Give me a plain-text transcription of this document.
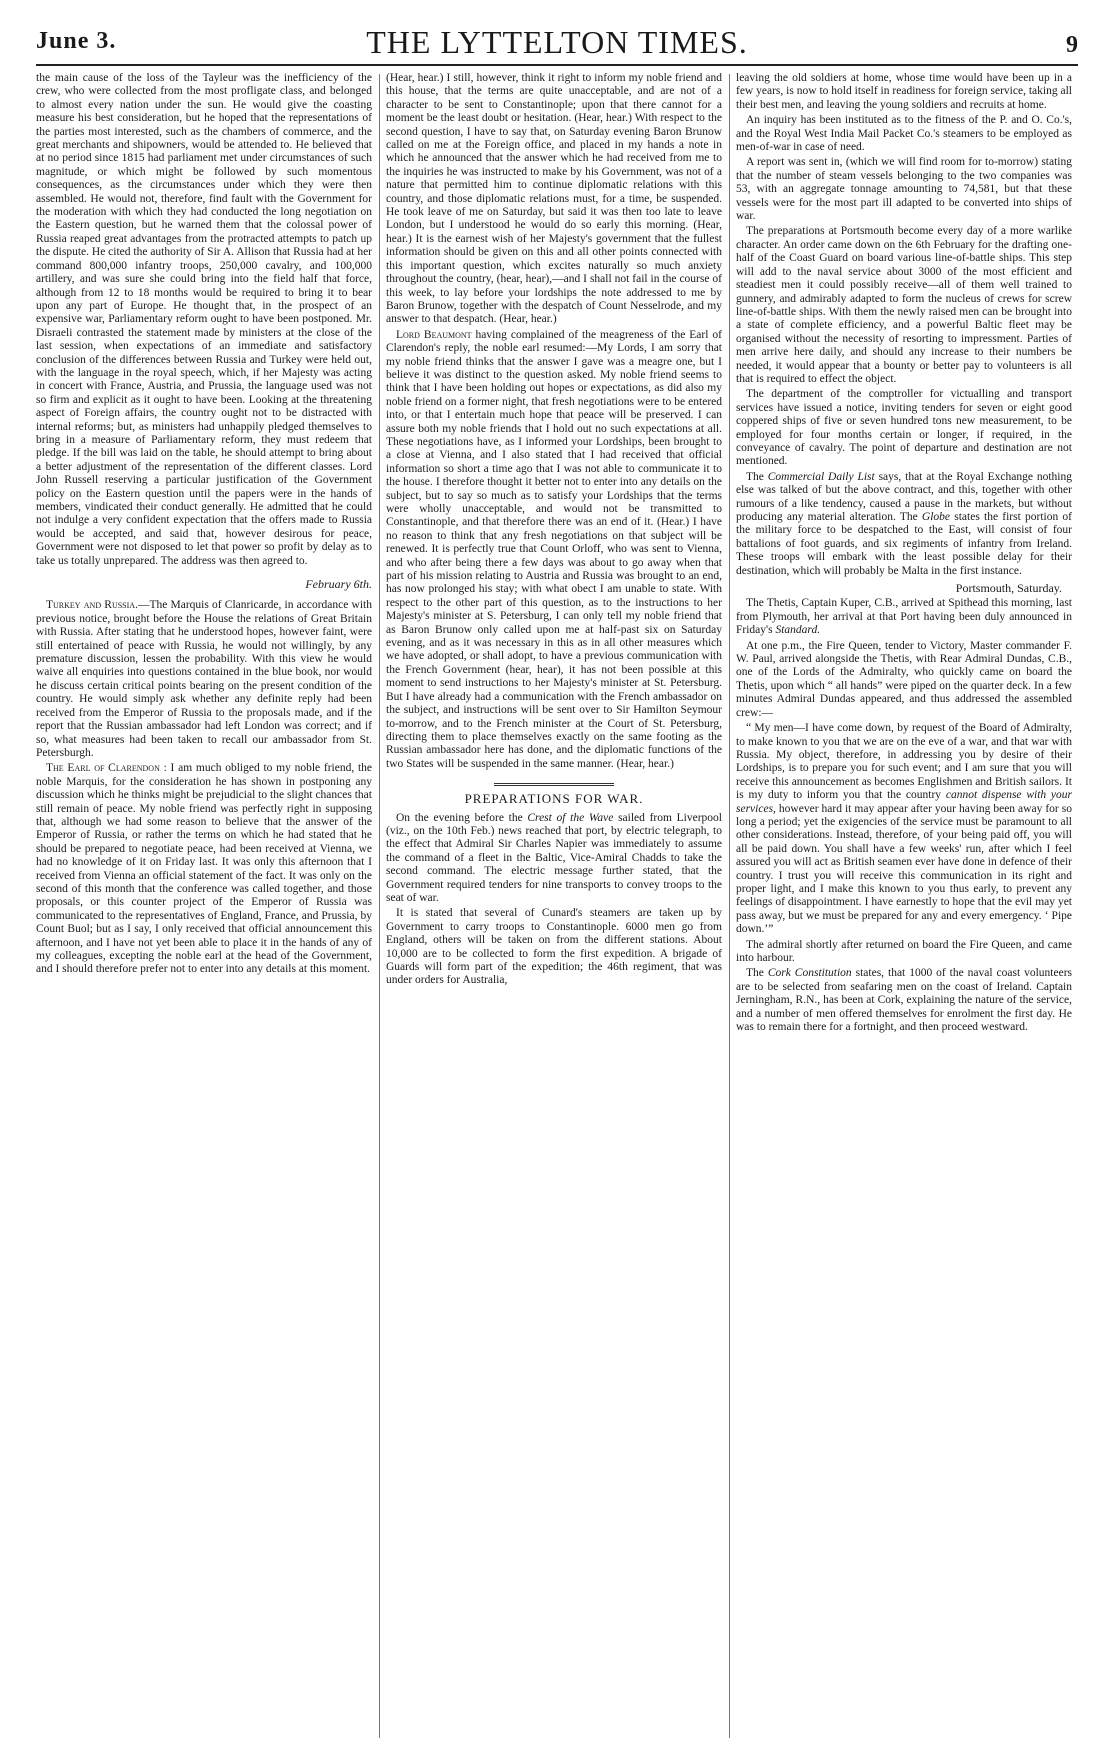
June 3.	THE LYTTELTON TIMES.	9

the main cause of the loss of the Tayleur was the inefficiency of the crew, who were collected from the most profligate class, and belonged to almost every nation under the sun. He would give the coasting measure his best consideration, but he hoped that the representations of the parties most interested, such as the chambers of commerce, and the great merchants and shipowners, would be attended to. He believed that at no period since 1815 had parliament met under circumstances of such magnitude, or which might be followed by such momentous consequences, as the circumstances under which they were then assembled. He would not, therefore, find fault with the Government for the moderation with which they had conducted the long negotiation on the Eastern question, but he warned them that the colossal power of Russia reaped great advantages from the protracted attempts to patch up the dispute. He cited the authority of Sir A. Allison that Russia had at her command 800,000 infantry troops, 250,000 cavalry, and 100,000 artillery, and was sure she could bring into the field half that force, although from 12 to 18 months would be required to bring it to bear upon any part of Europe. He thought that, in the prospect of an expensive war, Parliamentary reform ought to have been postponed. Mr. Disraeli contrasted the statement made by ministers at the close of the last session, when expectations of an immediate and satisfactory conclusion of the differences between Russia and Turkey were held out, with the language in the royal speech, which, if her Majesty was acting in concert with France, Austria, and Prussia, the language used was not so firm and explicit as it ought to have been. Looking at the threatening aspect of Foreign affairs, the country ought not to be distracted with internal reforms; but, as ministers had unhappily pledged themselves to bring in a measure of Parliamentary reform, they must redeem that pledge. If the bill was laid on the table, he should attempt to bring about a better adjustment of the representation of the different classes. Lord John Russell reserving a particular justification of the Government policy on the Eastern question until the papers were in the hands of members, vindicated their conduct generally. He admitted that he could not indulge a very confident expectation that the offers made to Russia would be accepted, and said that, however desirous for peace, Government were not disposed to let that power so profit by delay as to take us totally unprepared. The address was then agreed to.

February 6th.

Turkey and Russia.—The Marquis of Clanricarde, in accordance with previous notice, brought before the House the relations of Great Britain with Russia. After stating that he understood hopes, however faint, were still entertained of peace with Russia, he would not willingly, by any premature discussion, lessen the probability. With this view he would waive all enquiries into questions contained in the blue book, nor would he discuss certain critical points bearing on the present condition of the country. He would simply ask whether any definite reply had been received from the Emperor of Russia to the proposals made, and if the report that the Russian ambassador had left London was correct; and if so, what measures had been taken to recall our ambassador from St. Petersburgh.

The Earl of Clarendon : I am much obliged to my noble friend, the noble Marquis, for the consideration he has shown in postponing any discussion which he thinks might be prejudicial to the slight chances that still remain of peace. My noble friend was perfectly right in supposing that, although we had some reason to believe that the answer of the Emperor of Russia, or rather the terms on which he had stated that he should be prepared to negotiate peace, had been received at Vienna, we had no knowledge of it on Friday last. It was only this afternoon that I received from Vienna an official statement of the fact. It was only on the second of this month that the conference was called together, and those proposals, or this counter project of the Emperor of Russia was communicated to the representatives of England, France, and Prussia, by Count Buol; but as I say, I only received that official announcement this afternoon, and I have not yet been able to place it in the hands of any of my colleagues, excepting the noble earl at the head of the Government, and I should therefore prefer not to enter into any details at this moment.

(Hear, hear.) I still, however, think it right to inform my noble friend and this house, that the terms are quite unacceptable, and are not of a character to be sent to Constantinople; upon that there cannot for a moment be the least doubt or hesitation. (Hear, hear.) With respect to the second question, I have to say that, on Saturday evening Baron Brunow called on me at the Foreign office, and placed in my hands a note in which he announced that the answer which he had received from me to the inquiries he was instructed to make by his Government, was not of a nature that permitted him to continue diplomatic relations with this country, and those diplomatic relations must, for a time, be suspended. He took leave of me on Saturday, but said it was then too late to leave London, but I understood he would do so early this morning. (Hear, hear.) It is the earnest wish of her Majesty's government that the fullest information should be given on this and all other points connected with this important question, which excites naturally so much anxiety throughout the country, (hear, hear),—and I shall not fail in the course of this week, to lay before your lordships the note addressed to me by Baron Brunow, together with the despatch of Count Nesselrode, and my answer to that despatch. (Hear, hear.)

Lord Beaumont having complained of the meagreness of the Earl of Clarendon's reply, the noble earl resumed:—My Lords, I am sorry that my noble friend thinks that the answer I gave was a meagre one, but I believe it was distinct to the question asked. My noble friend seems to think that I have been holding out hopes or expectations, as did also my noble friend on a former night, that fresh negotiations were to be entered into, or that I entertain much hope that peace will be preserved. I can assure both my noble friends that I hold out no such expectations at all. These negotiations have, as I informed your Lordships, been brought to a close at Vienna, and I also stated that I had received that official information so short a time ago that I was not able to communicate it to the house. I therefore thought it better not to enter into any details on the subject, but to say so much as to satisfy your Lordships that the terms were wholly unacceptable, and would not be transmitted to Constantinople, and that therefore there was an end of it. (Hear.) I have no reason to think that any fresh negotiations on that subject will be renewed. It is perfectly true that Count Orloff, who was sent to Vienna, and who after being there a few days was about to go away when that part of his mission relating to Austria and Russia was brought to an end, has now prolonged his stay; with what obect I am unable to state. With respect to the other part of this question, as to the instructions to her Majesty's minister at S. Petersburg, I can only tell my noble friend that as Baron Brunow only called upon me at half-past six on Saturday evening, and as it was necessary in this as in all other measures which we have adopted, or shall adopt, to have a previous communication with the French Government (hear, hear), it has not been possible at this moment to send instructions to her Majesty's minister at St. Petersburg. But I have already had a communication with the French ambassador on the subject, and instructions will be sent over to Sir Hamilton Seymour to-morrow, and to the French minister at the Court of St. Petersburg, directing them to place themselves exactly on the same footing as the Russian ambassador here has done, and the diplomatic functions of the two States will be suspended in the same manner. (Hear, hear.)

PREPARATIONS FOR WAR.

On the evening before the Crest of the Wave sailed from Liverpool (viz., on the 10th Feb.) news reached that port, by electric telegraph, to the effect that Admiral Sir Charles Napier was immediately to assume the command of a fleet in the Baltic, Vice-Amiral Chadds to take the second command. The electric message further stated, that the Government required tenders for nine transports to convey troops to the seat of war.

It is stated that several of Cunard's steamers are taken up by Government to carry troops to Constantinople. 6000 men go from England, others will be taken on from the different stations. About 10,000 are to be collected to form the first expedition. A brigade of Guards will form part of the expedition; the 46th regiment, that was under orders for Australia,

leaving the old soldiers at home, whose time would have been up in a few years, is now to hold itself in readiness for foreign service, taking all their best men, and leaving the young soldiers and recruits at home.

An inquiry has been instituted as to the fitness of the P. and O. Co.'s, and the Royal West India Mail Packet Co.'s steamers to be employed as men-of-war in case of need.

A report was sent in, (which we will find room for to-morrow) stating that the number of steam vessels belonging to the two companies was 53, with an aggregate tonnage amounting to 74,581, but that these vessels were for the most part ill adapted to be converted into ships of war.

The preparations at Portsmouth become every day of a more warlike character. An order came down on the 6th February for the drafting one-half of the Coast Guard on board various line-of-battle ships. This step will add to the naval service about 3000 of the most efficient and steadiest men it could possibly receive—all of them well trained to gunnery, and admirably adapted to form the nucleus of crews for screw line-of-battle ships. With them the newly raised men can be brought into a state of complete efficiency, and a powerful Baltic fleet may be organised without the necessity of resorting to impressment. Parties of men arrive here daily, and should any increase to their numbers be needed, it would appear that a bounty or better pay to volunteers is all that is required to effect the object.

The department of the comptroller for victualling and transport services have issued a notice, inviting tenders for seven or eight good coppered ships of five or seven hundred tons new measurement, to be employed for four months certain or longer, if required, in the conveyance of cavalry. The point of departure and destination are not mentioned.

The Commercial Daily List says, that at the Royal Exchange nothing else was talked of but the above contract, and this, together with other rumours of a like tendency, caused a pause in the markets, but without producing any material alteration. The Globe states the first portion of the military force to be despatched to the East, will consist of four battalions of foot guards, and six regiments of infantry from Ireland. These troops will embark with the least possible delay for their destination, which will probably be Malta in the first instance.

Portsmouth, Saturday.

The Thetis, Captain Kuper, C.B., arrived at Spithead this morning, last from Plymouth, her arrival at that Port having been duly announced in Friday's Standard.

At one p.m., the Fire Queen, tender to Victory, Master commander F. W. Paul, arrived alongside the Thetis, with Rear Admiral Dundas, C.B., one of the Lords of the Admiralty, who quickly came on board the Thetis, upon which “ all hands” were piped on the quarter deck. In a few minutes Admiral Dundas appeared, and thus addressed the assembled crew:—

“ My men—I have come down, by request of the Board of Admiralty, to make known to you that we are on the eve of a war, and that war with Russia. My object, therefore, in addressing you by desire of their Lordships, is to prepare you for such event; and I am sure that you will receive this announcement as becomes Englishmen and British sailors. It is my duty to inform you that the country cannot dispense with your services, however hard it may appear after your having been away for so long a period; yet the exigencies of the service must be paramount to all other considerations. Instead, therefore, of your being paid off, you will all be paid down. You shall have a few weeks' run, after which I feel assured you will act as British seamen ever have done in defence of their country. I trust you will receive this communication in its right and proper light, and I make this known to you thus early, to prevent any feelings of disappointment. I have earnestly to hope that the evil may yet pass away, but we must be prepared for any and every emergency. ‘ Pipe down.’”

The admiral shortly after returned on board the Fire Queen, and came into harbour.

The Cork Constitution states, that 1000 of the naval coast volunteers are to be selected from seafaring men on the coast of Ireland. Captain Jerningham, R.N., has been at Cork, explaining the nature of the service, and a number of men offered themselves for enrolment the first day. He was to remain there for a fortnight, and then proceed westward.
